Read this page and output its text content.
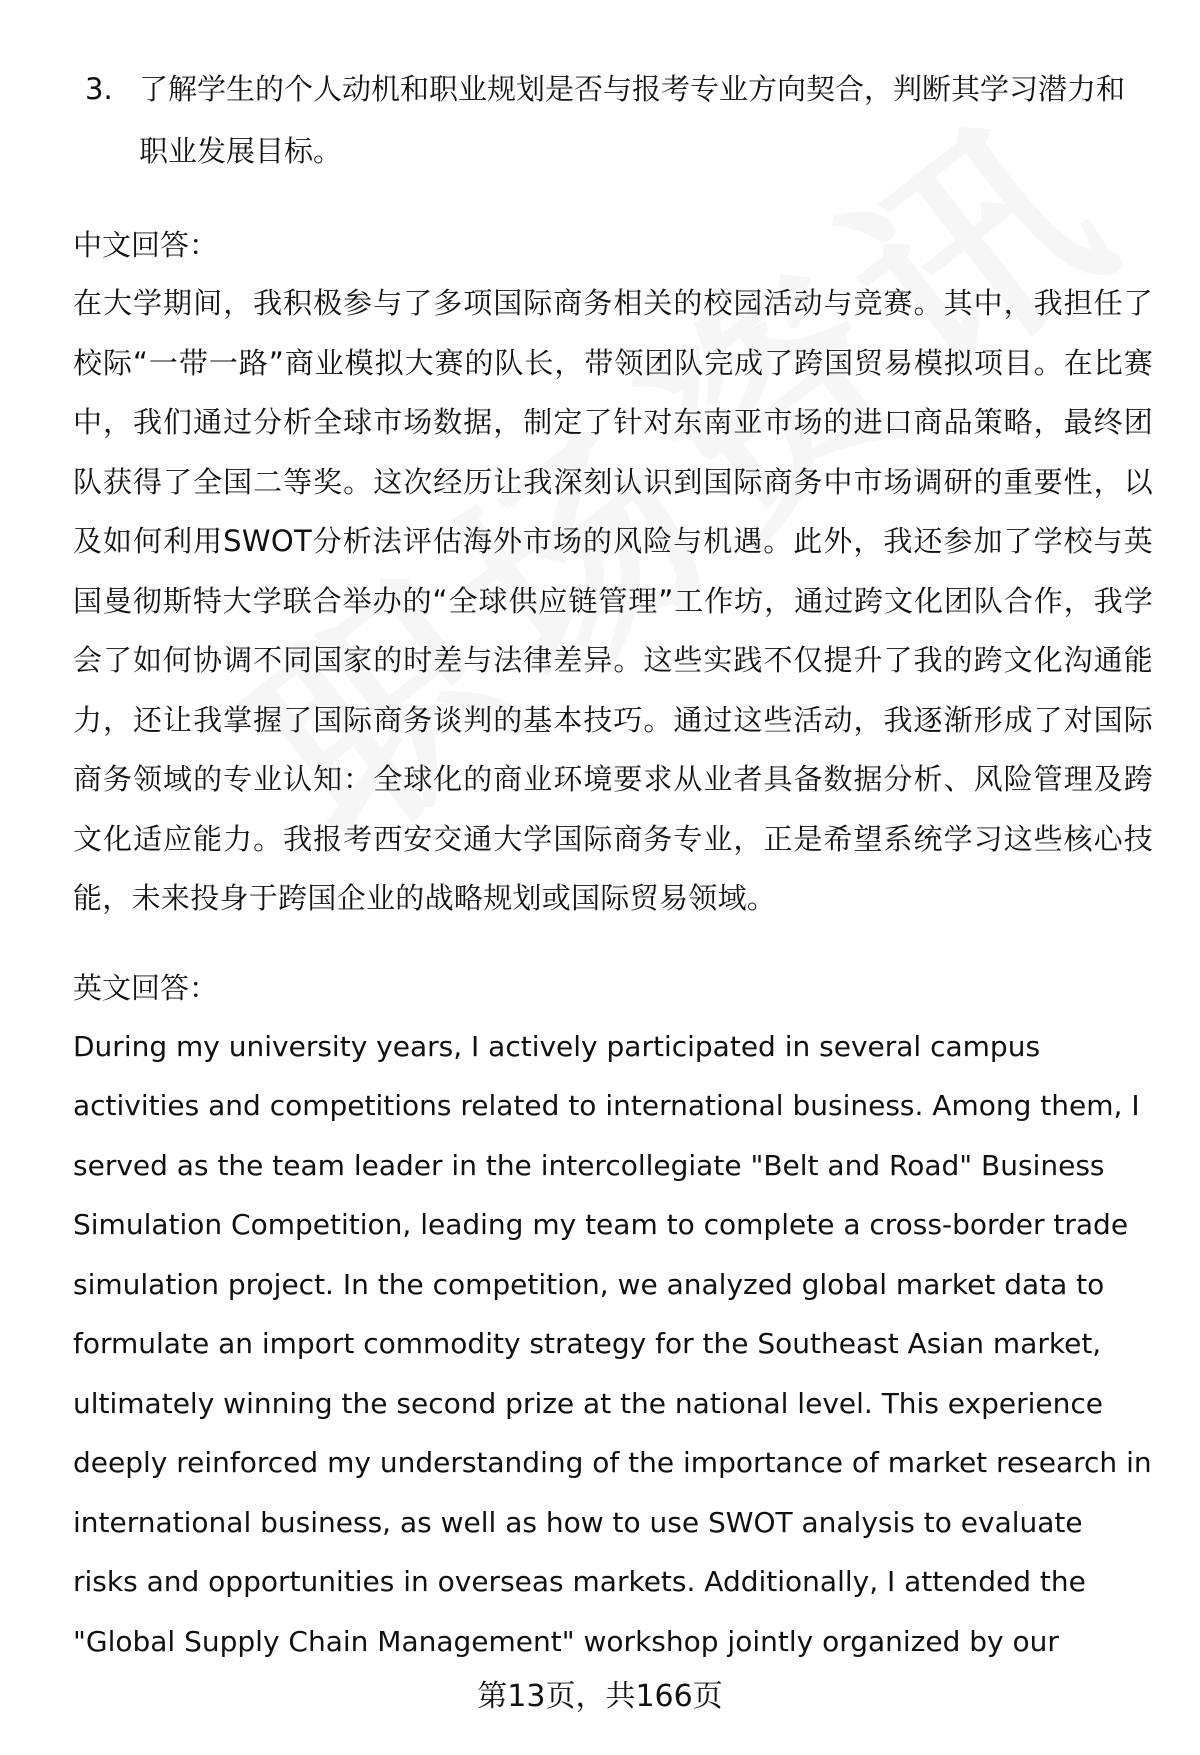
3. 了解学生的个人动机和职业规划是否与报考专业方向契合，判断其学习潜力和职业发展目标。
中文回答：

在大学期间，我积极参与了多项国际商务相关的校园活动与竞赛。其中，我担任了校际“一带一路”商业模拟大赛的队长，带领团队完成了跨国贸易模拟项目。在比赛中，我们通过分析全球市场数据，制定了针对东南亚市场的进口商品策略，最终团队获得了全国二等奖。这次经历让我深刻认识到国际商务中市场调研的重要性，以及如何利用SWOT分析法评估海外市场的风险与机遇。此外，我还参加了学校与英国曼彻斯特大学联合举办的“全球供应链管理”工作坊，通过跨文化团队合作，我学会了如何协调不同国家的时差与法律差异。这些实践不仅提升了我的跨文化沟通能力，还让我掌握了国际商务谈判的基本技巧。通过这些活动，我逐渐形成了对国际商务领域的专业认知：全球化的商业环境要求从业者具备数据分析、风险管理及跨文化适应能力。我报考西安交通大学国际商务专业，正是希望系统学习这些核心技能，未来投身于跨国企业的战略规划或国际贸易领域。

英文回答：

During my university years, I actively participated in several campus activities and competitions related to international business. Among them, I served as the team leader in the intercollegiate "Belt and Road" Business Simulation Competition, leading my team to complete a cross-border trade simulation project. In the competition, we analyzed global market data to formulate an import commodity strategy for the Southeast Asian market, ultimately winning the second prize at the national level. This experience deeply reinforced my understanding of the importance of market research in international business, as well as how to use SWOT analysis to evaluate risks and opportunities in overseas markets. Additionally, I attended the "Global Supply Chain Management" workshop jointly organized by our

第13页，共166页
